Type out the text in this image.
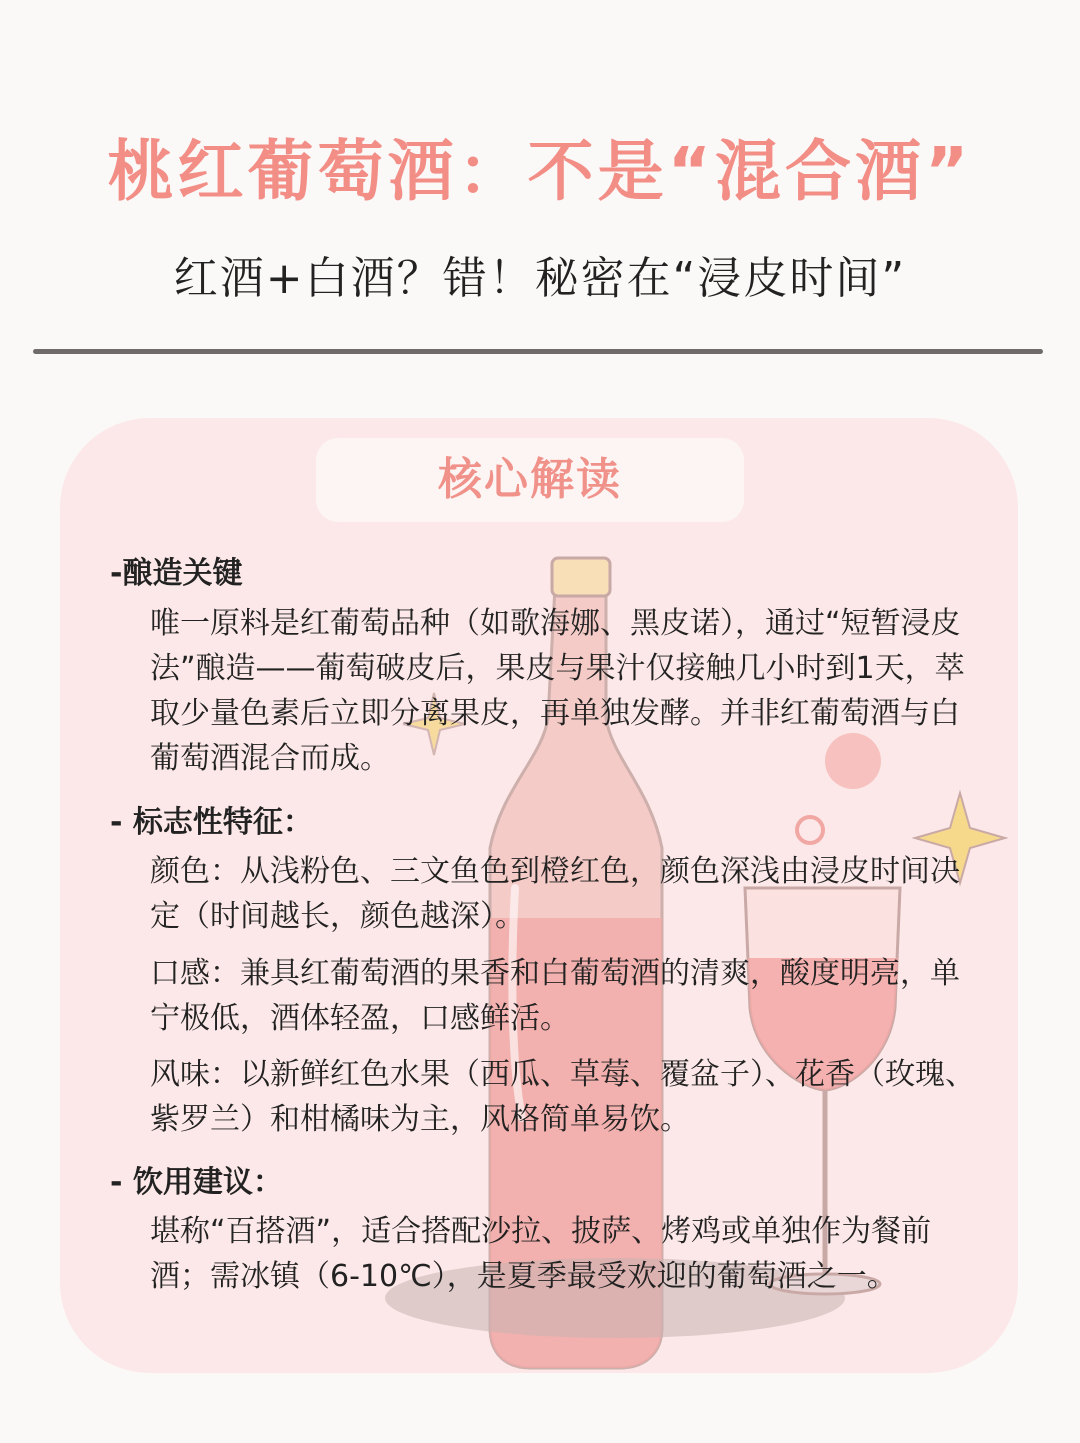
桃红葡萄酒：不是“混合酒”
红酒+白酒？错！秘密在“浸皮时间”
核心解读
-酿造关键

唯一原料是红葡萄品种（如歌海娜、黑皮诺），通过“短暂浸皮法”酿造——葡萄破皮后，果皮与果汁仅接触几小时到1天，萃取少量色素后立即分离果皮，再单独发酵。并非红葡萄酒与白葡萄酒混合而成。

- 标志性特征：

颜色：从浅粉色、三文鱼色到橙红色，颜色深浅由浸皮时间决定（时间越长，颜色越深）。

口感：兼具红葡萄酒的果香和白葡萄酒的清爽，酸度明亮，单宁极低，酒体轻盈，口感鲜活。

风味：以新鲜红色水果（西瓜、草莓、覆盆子）、花香（玫瑰、紫罗兰）和柑橘味为主，风格简单易饮。

- 饮用建议：

堪称“百搭酒”，适合搭配沙拉、披萨、烤鸡或单独作为餐前酒；需冰镇（6-10℃），是夏季最受欢迎的葡萄酒之一。
